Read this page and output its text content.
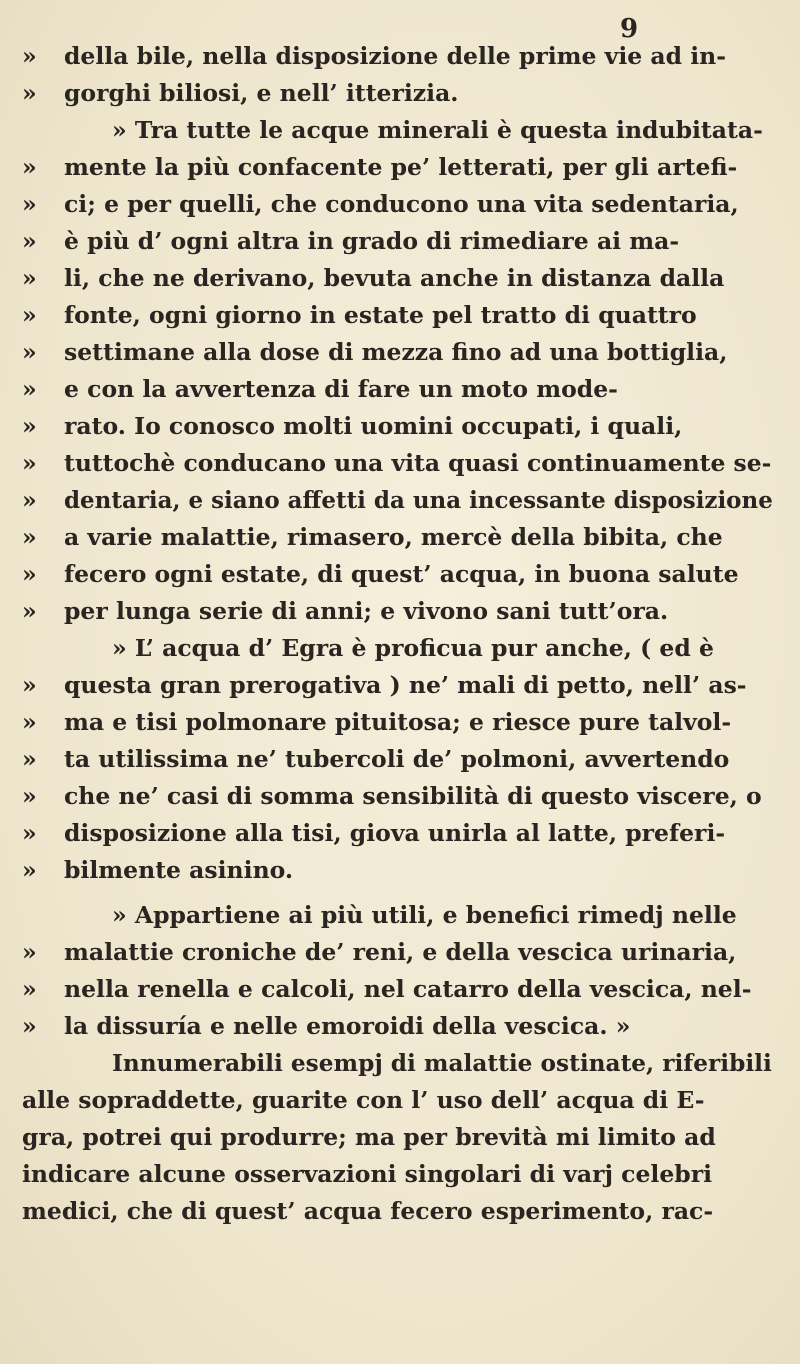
9
»	della bile, nella disposizione delle prime vie ad in-
»	gorghi biliosi, e nell’ itterizia.
» Tra tutte le acque minerali è questa indubitata-
»	mente la più confacente pe’ letterati, per gli artefi-
»	ci; e per quelli, che conducono una vita sedentaria,
»	è più d’ ogni altra in grado di rimediare ai ma-
»	li, che ne derivano, bevuta anche in distanza dalla
»	fonte, ogni giorno in estate pel tratto di quattro
»	settimane alla dose di mezza fino ad una bottiglia,
»	e con la avvertenza di fare un moto mode-
»	rato. Io conosco molti uomini occupati, i quali,
»	tuttochè conducano una vita quasi continuamente se-
»	dentaria, e siano affetti da una incessante disposizione
»	a varie malattie, rimasero, mercè della bibita, che
»	fecero ogni estate, di quest’ acqua, in buona salute
»	per lunga serie di anni; e vivono sani tutt’ora.
» L’ acqua d’ Egra è proficua pur anche, ( ed è
»	questa gran prerogativa ) ne’ mali di petto, nell’ as-
»	ma e tisi polmonare pituitosa; e riesce pure talvol-
»	ta utilissima ne’ tubercoli de’ polmoni, avvertendo
»	che ne’ casi di somma sensibilità di questo viscere, o
»	disposizione alla tisi, giova unirla al latte, preferi-
»	bilmente asinino.
» Appartiene ai più utili, e benefici rimedj nelle
»	malattie croniche de’ reni, e della vescica urinaria,
»	nella renella e calcoli, nel catarro della vescica, nel-
»	la dissuría e nelle emoroidi della vescica. »
Innumerabili esempj di malattie ostinate, riferibili
alle sopraddette, guarite con l’ uso dell’ acqua di E-
gra, potrei qui produrre; ma per brevità mi limito ad
indicare alcune osservazioni singolari di varj celebri
medici, che di quest’ acqua fecero esperimento, rac-
